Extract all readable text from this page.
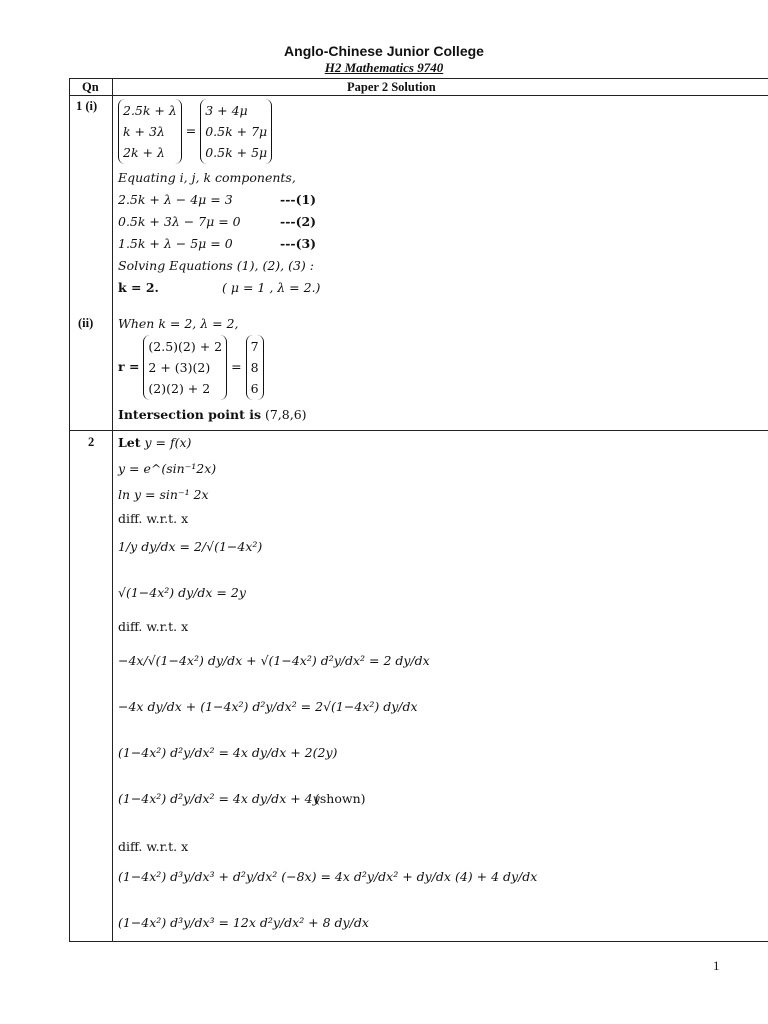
Anglo-Chinese Junior College
H2 Mathematics 9740
Qn	Paper 2 Solution
1 (i) 2.5k + λ
k + 3λ
2k + λ
=
3 + 4μ
0.5k + 7μ
0.5k + 5μ
Equating i, j, k components,
2.5k + λ − 4μ = 3	---(1)
0.5k + 3λ − 7μ = 0	---(2)
1.5k + λ − 5μ = 0	---(3)
Solving Equations (1), (2), (3) :
k = 2.	( μ = 1 , λ = 2.)
(ii) When k = 2, λ = 2,
r =
(2.5)(2) + 2
2 + (3)(2)
(2)(2) + 2
=
7
8
6
Intersection point is (7,8,6)
2 Let y = f(x)
y = e^(sin⁻¹2x)
ln y = sin⁻¹ 2x
diff. w.r.t. x
1/y dy/dx = 2/√(1−4x²)
√(1−4x²) dy/dx = 2y
diff. w.r.t. x
−4x/√(1−4x²) dy/dx + √(1−4x²) d²y/dx² = 2 dy/dx
−4x dy/dx + (1−4x²) d²y/dx² = 2√(1−4x²) dy/dx
(1−4x²) d²y/dx² = 4x dy/dx + 2(2y)
(1−4x²) d²y/dx² = 4x dy/dx + 4y
(shown)
diff. w.r.t. x
(1−4x²) d³y/dx³ + d²y/dx² (−8x) = 4x d²y/dx² + dy/dx (4) + 4 dy/dx
(1−4x²) d³y/dx³ = 12x d²y/dx² + 8 dy/dx
1
